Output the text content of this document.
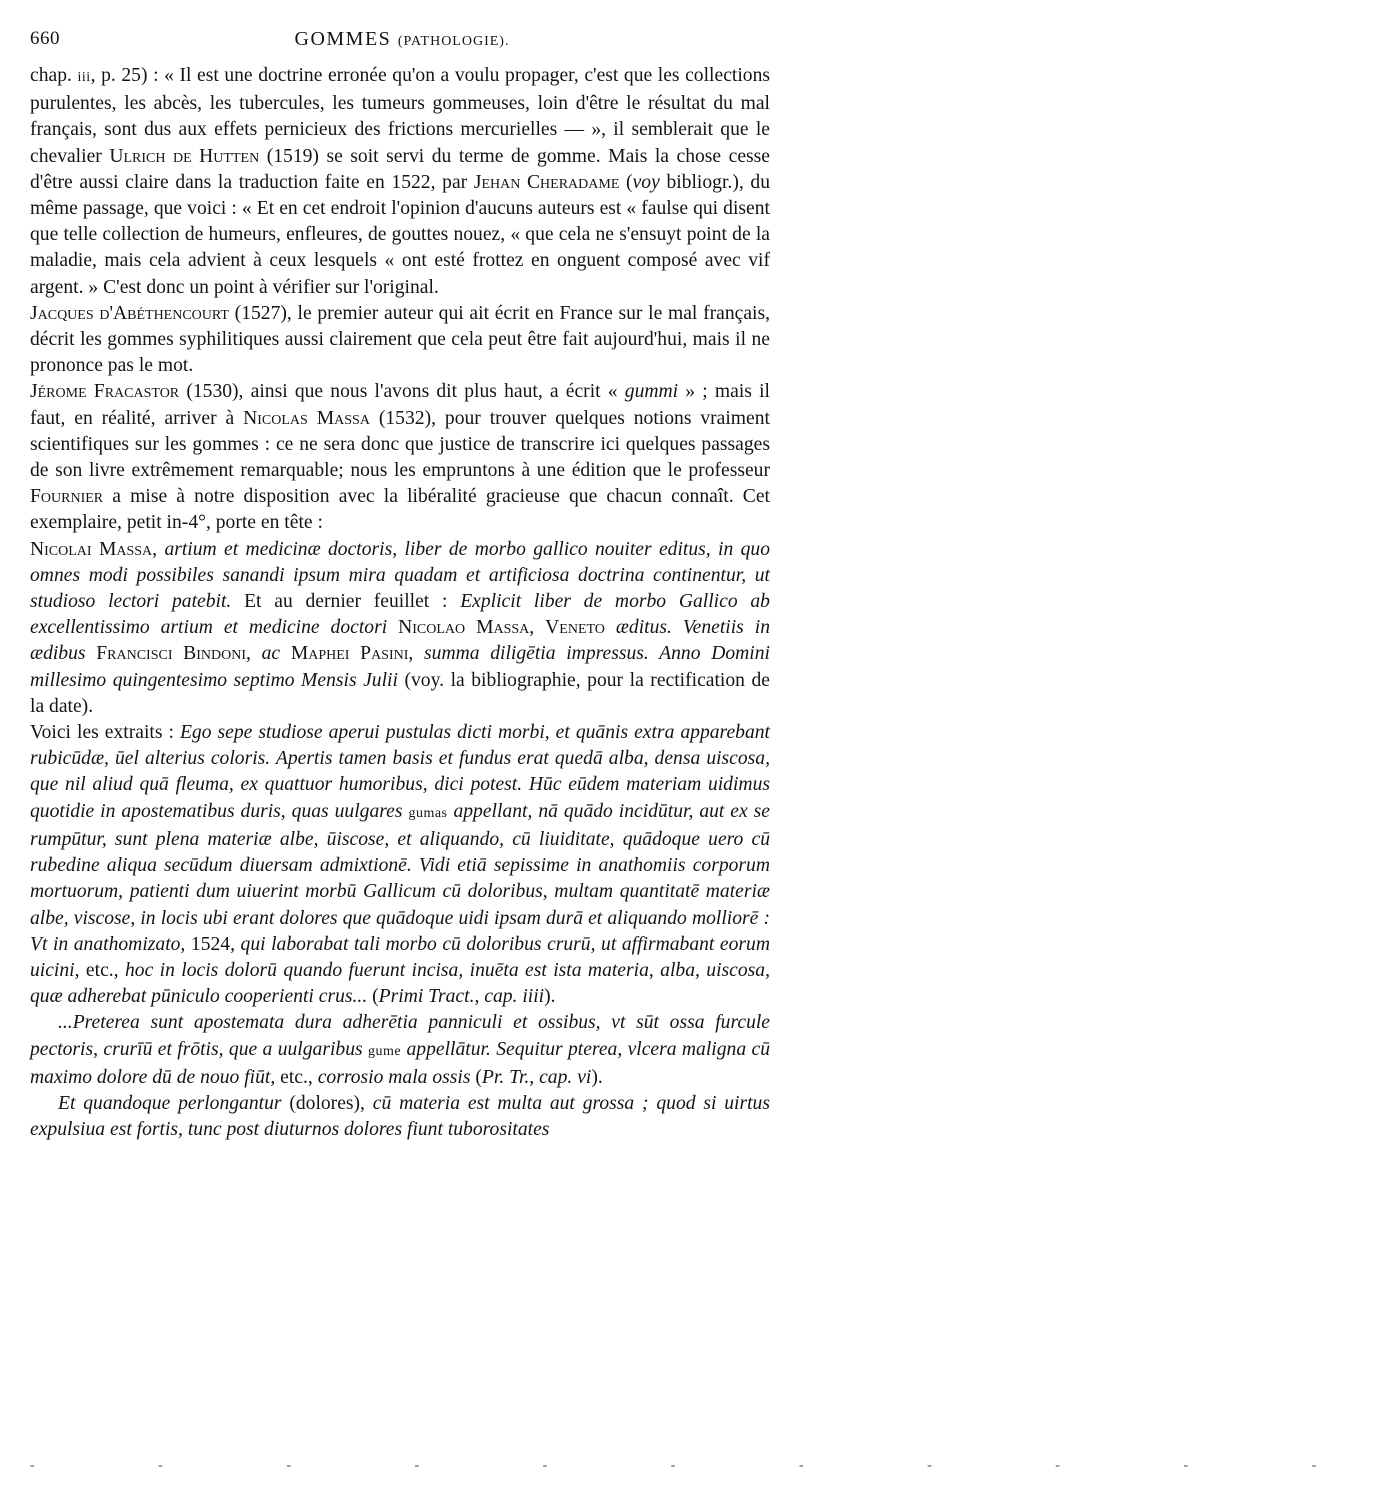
660	GOMMES (PATHOLOGIE).

chap. iii, p. 25) : « Il est une doctrine erronée qu'on a voulu propager, c'est que les collections purulentes, les abcès, les tubercules, les tumeurs gommeuses, loin d'être le résultat du mal français, sont dus aux effets pernicieux des frictions mercurielles — », il semblerait que le chevalier Ulrich de Hutten (1519) se soit servi du terme de gomme. Mais la chose cesse d'être aussi claire dans la traduction faite en 1522, par Jehan Cheradame (voy bibliogr.), du même passage, que voici : « Et en cet endroit l'opinion d'aucuns auteurs est « faulse qui disent que telle collection de humeurs, enfleures, de gouttes nouez, « que cela ne s'ensuyt point de la maladie, mais cela advient à ceux lesquels « ont esté frottez en onguent composé avec vif argent. » C'est donc un point à vérifier sur l'original.

Jacques d'Abéthencourt (1527), le premier auteur qui ait écrit en France sur le mal français, décrit les gommes syphilitiques aussi clairement que cela peut être fait aujourd'hui, mais il ne prononce pas le mot.

Jérome Fracastor (1530), ainsi que nous l'avons dit plus haut, a écrit « gummi » ; mais il faut, en réalité, arriver à Nicolas Massa (1532), pour trouver quelques notions vraiment scientifiques sur les gommes : ce ne sera donc que justice de transcrire ici quelques passages de son livre extrêmement remarquable; nous les empruntons à une édition que le professeur Fournier a mise à notre disposition avec la libéralité gracieuse que chacun connaît. Cet exemplaire, petit in-4°, porte en tête :

Nicolai Massa, artium et medicinæ doctoris, liber de morbo gallico nouiter editus, in quo omnes modi possibiles sanandi ipsum mira quadam et artificiosa doctrina continentur, ut studioso lectori patebit. Et au dernier feuillet : Explicit liber de morbo Gallico ab excellentissimo artium et medicine doctori Nicolao Massa, Veneto æditus. Venetiis in ædibus Francisci Bindoni, ac Maphei Pasini, summa diligētia impressus. Anno Domini millesimo quingentesimo septimo Mensis Julii (voy. la bibliographie, pour la rectification de la date).

Voici les extraits : Ego sepe studiose aperui pustulas dicti morbi, et quānis extra apparebant rubicūdæ, ūel alterius coloris. Apertis tamen basis et fundus erat quedā alba, densa uiscosa, que nil aliud quā fleuma, ex quattuor humoribus, dici potest. Hūc eūdem materiam uidimus quotidie in apostematibus duris, quas uulgares gumas appellant, nā quādo incidūtur, aut ex se rumpūtur, sunt plena materiæ albe, ūiscose, et aliquando, cū liuiditate, quādoque uero cū rubedine aliqua secūdum diuersam admixtionē. Vidi etiā sepissime in anathomiis corporum mortuorum, patienti dum uiuerint morbū Gallicum cū doloribus, multam quantitatē materiæ albe, viscose, in locis ubi erant dolores que quādoque uidi ipsam durā et aliquando molliorē : Vt in anathomizato, 1524, qui laborabat tali morbo cū doloribus crurū, ut affirmabant eorum uicini, etc., hoc in locis dolorū quando fuerunt incisa, inuēta est ista materia, alba, uiscosa, quæ adherebat pūniculo cooperienti crus... (Primi Tract., cap. iiii).

...Preterea sunt apostemata dura adherētia panniculi et ossibus, vt sūt ossa furcule pectoris, crurīū et frōtis, que a uulgaribus gume appellātur. Sequitur pterea, vlcera maligna cū maximo dolore dū de nouo fiūt, etc., corrosio mala ossis (Pr. Tr., cap. vi).

Et quandoque perlongantur (dolores), cū materia est multa aut grossa ; quod si uirtus expulsiua est fortis, tunc post diuturnos dolores fiunt tuborositates

- - - - - - - - - - -
